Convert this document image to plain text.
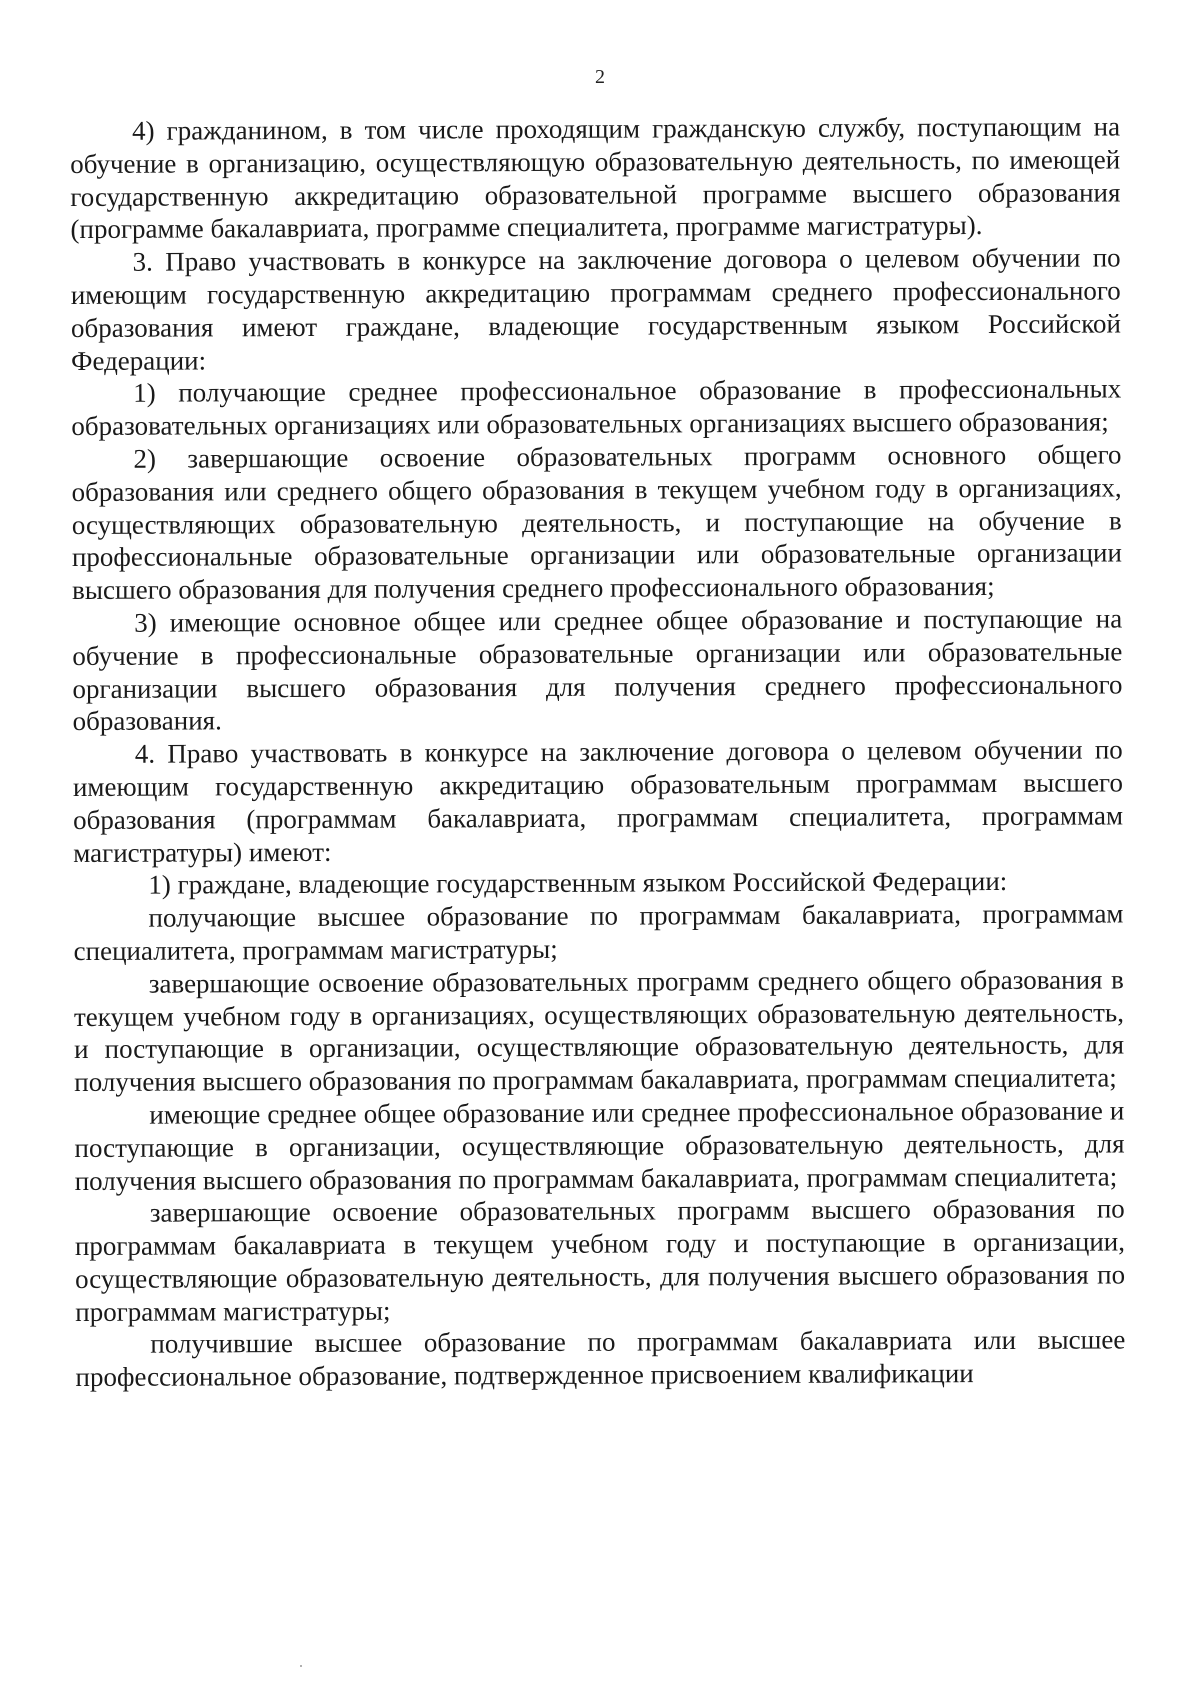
2

4) гражданином, в том числе проходящим гражданскую службу, поступающим на обучение в организацию, осуществляющую образовательную деятельность, по имеющей государственную аккредитацию образовательной программе высшего образования (программе бакалавриата, программе специалитета, программе магистратуры).

3. Право участвовать в конкурсе на заключение договора о целевом обучении по имеющим государственную аккредитацию программам среднего профессионального образования имеют граждане, владеющие государственным языком Российской Федерации:

1) получающие среднее профессиональное образование в профессиональных образовательных организациях или образовательных организациях высшего образования;

2) завершающие освоение образовательных программ основного общего образования или среднего общего образования в текущем учебном году в организациях, осуществляющих образовательную деятельность, и поступающие на обучение в профессиональные образовательные организации или образовательные организации высшего образования для получения среднего профессионального образования;

3) имеющие основное общее или среднее общее образование и поступающие на обучение в профессиональные образовательные организации или образовательные организации высшего образования для получения среднего профессионального образования.

4. Право участвовать в конкурсе на заключение договора о целевом обучении по имеющим государственную аккредитацию образовательным программам высшего образования (программам бакалавриата, программам специалитета, программам магистратуры) имеют:

1) граждане, владеющие государственным языком Российской Федерации:

получающие высшее образование по программам бакалавриата, программам специалитета, программам магистратуры;

завершающие освоение образовательных программ среднего общего образования в текущем учебном году в организациях, осуществляющих образовательную деятельность, и поступающие в организации, осуществляющие образовательную деятельность, для получения высшего образования по программам бакалавриата, программам специалитета;

имеющие среднее общее образование или среднее профессиональное образование и поступающие в организации, осуществляющие образовательную деятельность, для получения высшего образования по программам бакалавриата, программам специалитета;

завершающие освоение образовательных программ высшего образования по программам бакалавриата в текущем учебном году и поступающие в организации, осуществляющие образовательную деятельность, для получения высшего образования по программам магистратуры;

получившие высшее образование по программам бакалавриата или высшее профессиональное образование, подтвержденное присвоением квалификации
